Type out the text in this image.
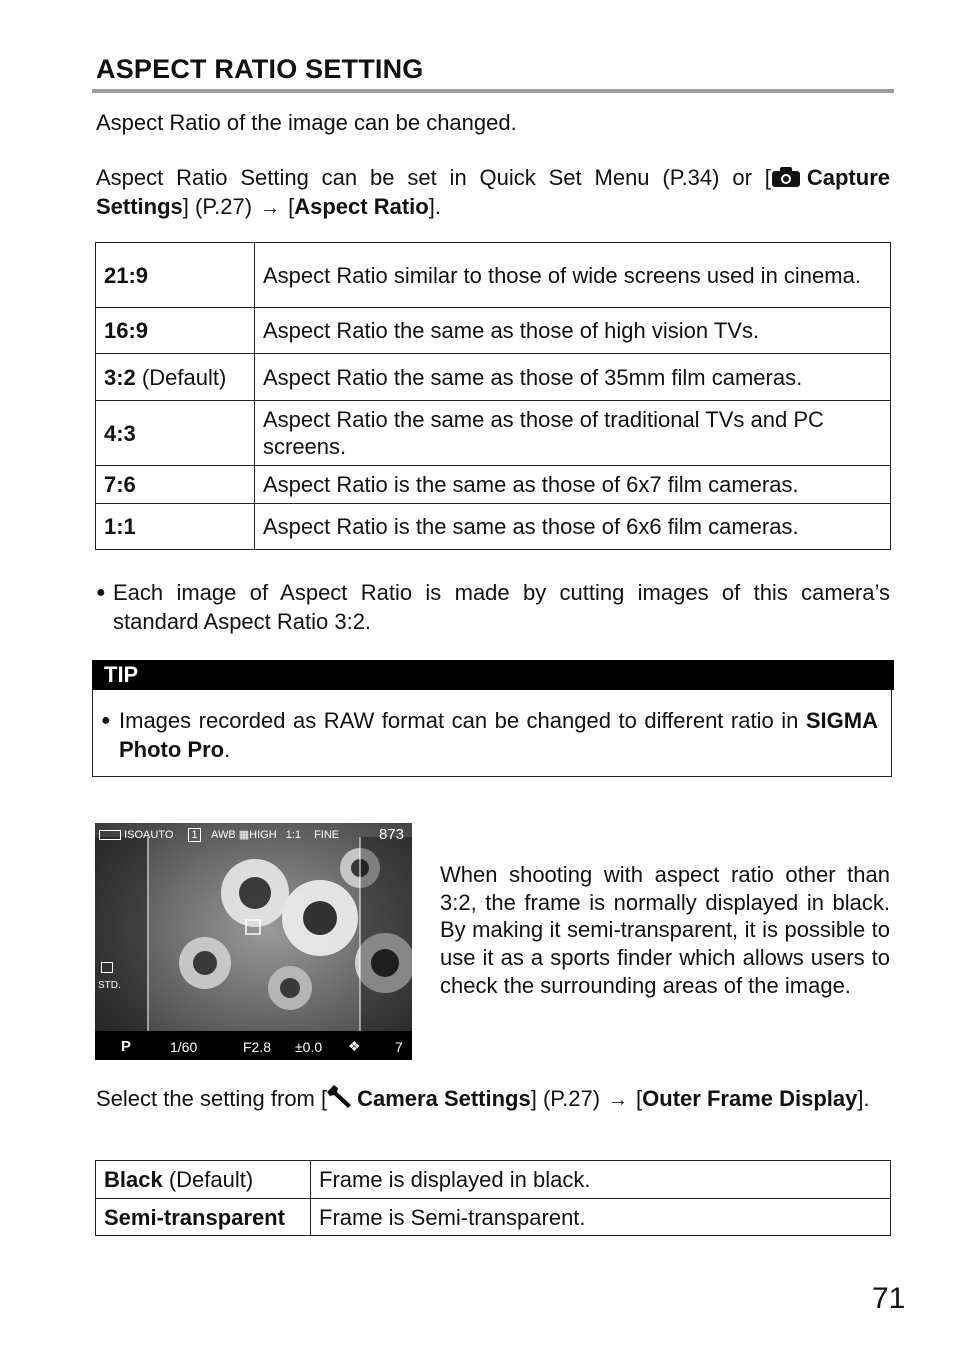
ASPECT RATIO SETTING
Aspect Ratio of the image can be changed.
Aspect Ratio Setting can be set in Quick Set Menu (P.34) or [ Capture Settings] (P.27) → [Aspect Ratio].
21:9	Aspect Ratio similar to those of wide screens used in cinema.
16:9	Aspect Ratio the same as those of high vision TVs.
3:2 (Default)	Aspect Ratio the same as those of 35mm film cameras.
4:3	Aspect Ratio the same as those of traditional TVs and PC screens.
7:6	Aspect Ratio is the same as those of 6x7 film cameras.
1:1	Aspect Ratio is the same as those of 6x6 film cameras.
● Each image of Aspect Ratio is made by cutting images of this camera’s standard Aspect Ratio 3:2.
TIP
● Images recorded as RAW format can be changed to different ratio in SIGMA Photo Pro.
ISOAUTO 1 AWB ▦HIGH 1:1 FINE	873
STD.
P	1/60	F2.8 ±0.0 ❖ 7
When shooting with aspect ratio other than 3:2, the frame is normally displayed in black. By making it semi-transparent, it is possible to use it as a sports finder which allows users to check the surrounding areas of the image.
Select the setting from [ Camera Settings] (P.27) → [Outer Frame Display].
Black (Default)	Frame is displayed in black.
Semi-transparent	Frame is Semi-transparent.
71
